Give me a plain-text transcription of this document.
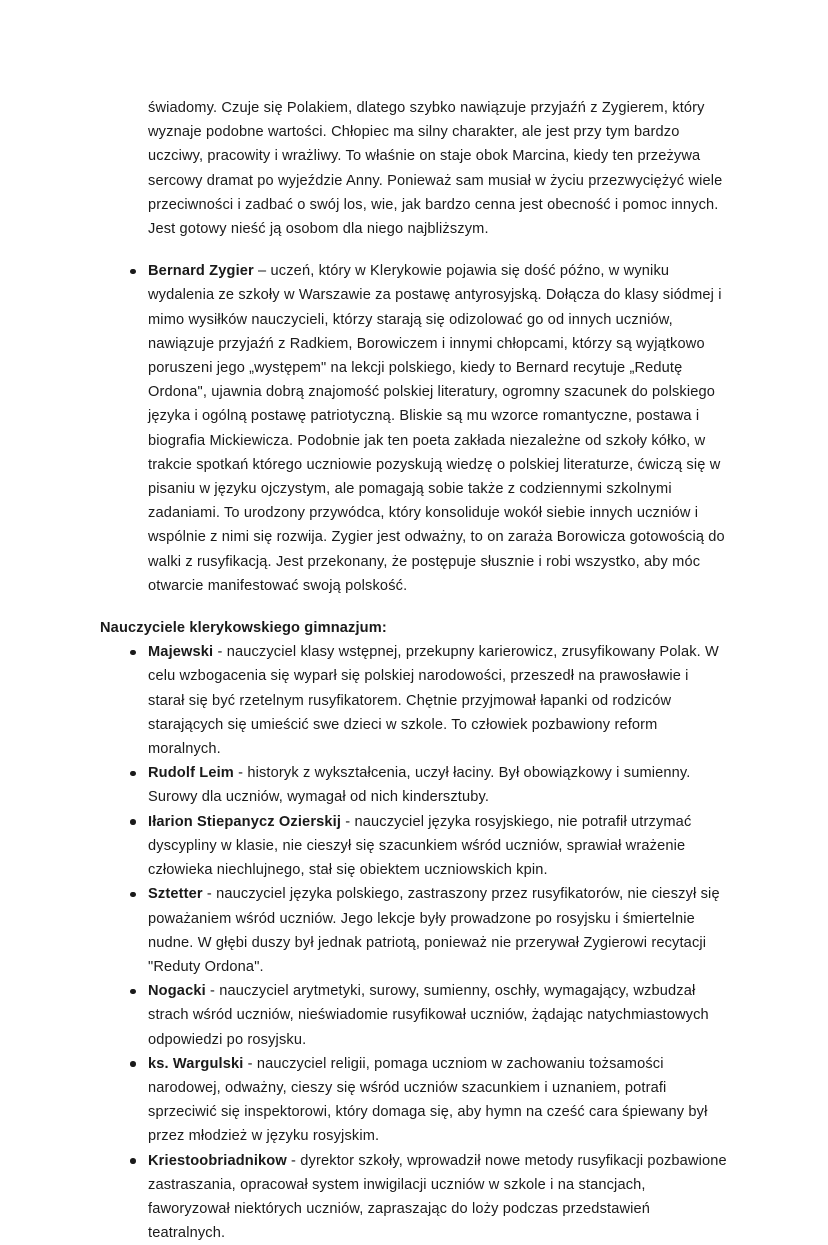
świadomy. Czuje się Polakiem, dlatego szybko nawiązuje przyjaźń z Zygierem, który wyznaje podobne wartości. Chłopiec ma silny charakter, ale jest przy tym bardzo uczciwy, pracowity i wrażliwy. To właśnie on staje obok Marcina, kiedy ten przeżywa sercowy dramat po wyjeździe Anny. Ponieważ sam musiał w życiu przezwyciężyć wiele przeciwności i zadbać o swój los, wie, jak bardzo cenna jest obecność i pomoc innych. Jest gotowy nieść ją osobom dla niego najbliższym.

Bernard Zygier – uczeń, który w Klerykowie pojawia się dość późno, w wyniku wydalenia ze szkoły w Warszawie za postawę antyrosyjską. Dołącza do klasy siódmej i mimo wysiłków nauczycieli, którzy starają się odizolować go od innych uczniów, nawiązuje przyjaźń z Radkiem, Borowiczem i innymi chłopcami, którzy są wyjątkowo poruszeni jego „występem" na lekcji polskiego, kiedy to Bernard recytuje „Redutę Ordona", ujawnia dobrą znajomość polskiej literatury, ogromny szacunek do polskiego języka i ogólną postawę patriotyczną. Bliskie są mu wzorce romantyczne, postawa i biografia Mickiewicza. Podobnie jak ten poeta zakłada niezależne od szkoły kółko, w trakcie spotkań którego uczniowie pozyskują wiedzę o polskiej literaturze, ćwiczą się w pisaniu w języku ojczystym, ale pomagają sobie także z codziennymi szkolnymi zadaniami. To urodzony przywódca, który konsoliduje wokół siebie innych uczniów i wspólnie z nimi się rozwija. Zygier jest odważny, to on zaraża Borowicza gotowością do walki z rusyfikacją. Jest przekonany, że postępuje słusznie i robi wszystko, aby móc otwarcie manifestować swoją polskość.

Nauczyciele klerykowskiego gimnazjum:

Majewski - nauczyciel klasy wstępnej, przekupny karierowicz, zrusyfikowany Polak. W celu wzbogacenia się wyparł się polskiej narodowości, przeszedł na prawosławie i starał się być rzetelnym rusyfikatorem. Chętnie przyjmował łapanki od rodziców starających się umieścić swe dzieci w szkole. To człowiek pozbawiony reform moralnych.
Rudolf Leim - historyk z wykształcenia, uczył łaciny. Był obowiązkowy i sumienny. Surowy dla uczniów, wymagał od nich kindersztuby.
Iłarion Stiepanycz Ozierskij - nauczyciel języka rosyjskiego, nie potrafił utrzymać dyscypliny w klasie, nie cieszył się szacunkiem wśród uczniów, sprawiał wrażenie człowieka niechlujnego, stał się obiektem uczniowskich kpin.
Sztetter - nauczyciel języka polskiego, zastraszony przez rusyfikatorów, nie cieszył się poważaniem wśród uczniów. Jego lekcje były prowadzone po rosyjsku i śmiertelnie nudne. W głębi duszy był jednak patriotą, ponieważ nie przerywał Zygierowi recytacji "Reduty Ordona".
Nogacki - nauczyciel arytmetyki, surowy, sumienny, oschły, wymagający, wzbudzał strach wśród uczniów, nieświadomie rusyfikował uczniów, żądając natychmiastowych odpowiedzi po rosyjsku.
ks. Wargulski - nauczyciel religii, pomaga uczniom w zachowaniu tożsamości narodowej, odważny, cieszy się wśród uczniów szacunkiem i uznaniem, potrafi sprzeciwić się inspektorowi, który domaga się, aby hymn na cześć cara śpiewany był przez młodzież w języku rosyjskim.
Kriestoobriadnikow - dyrektor szkoły, wprowadził nowe metody rusyfikacji pozbawione zastraszania, opracował system inwigilacji uczniów w szkole i na stancjach, faworyzował niektórych uczniów, zapraszając do loży podczas przedstawień teatralnych.
